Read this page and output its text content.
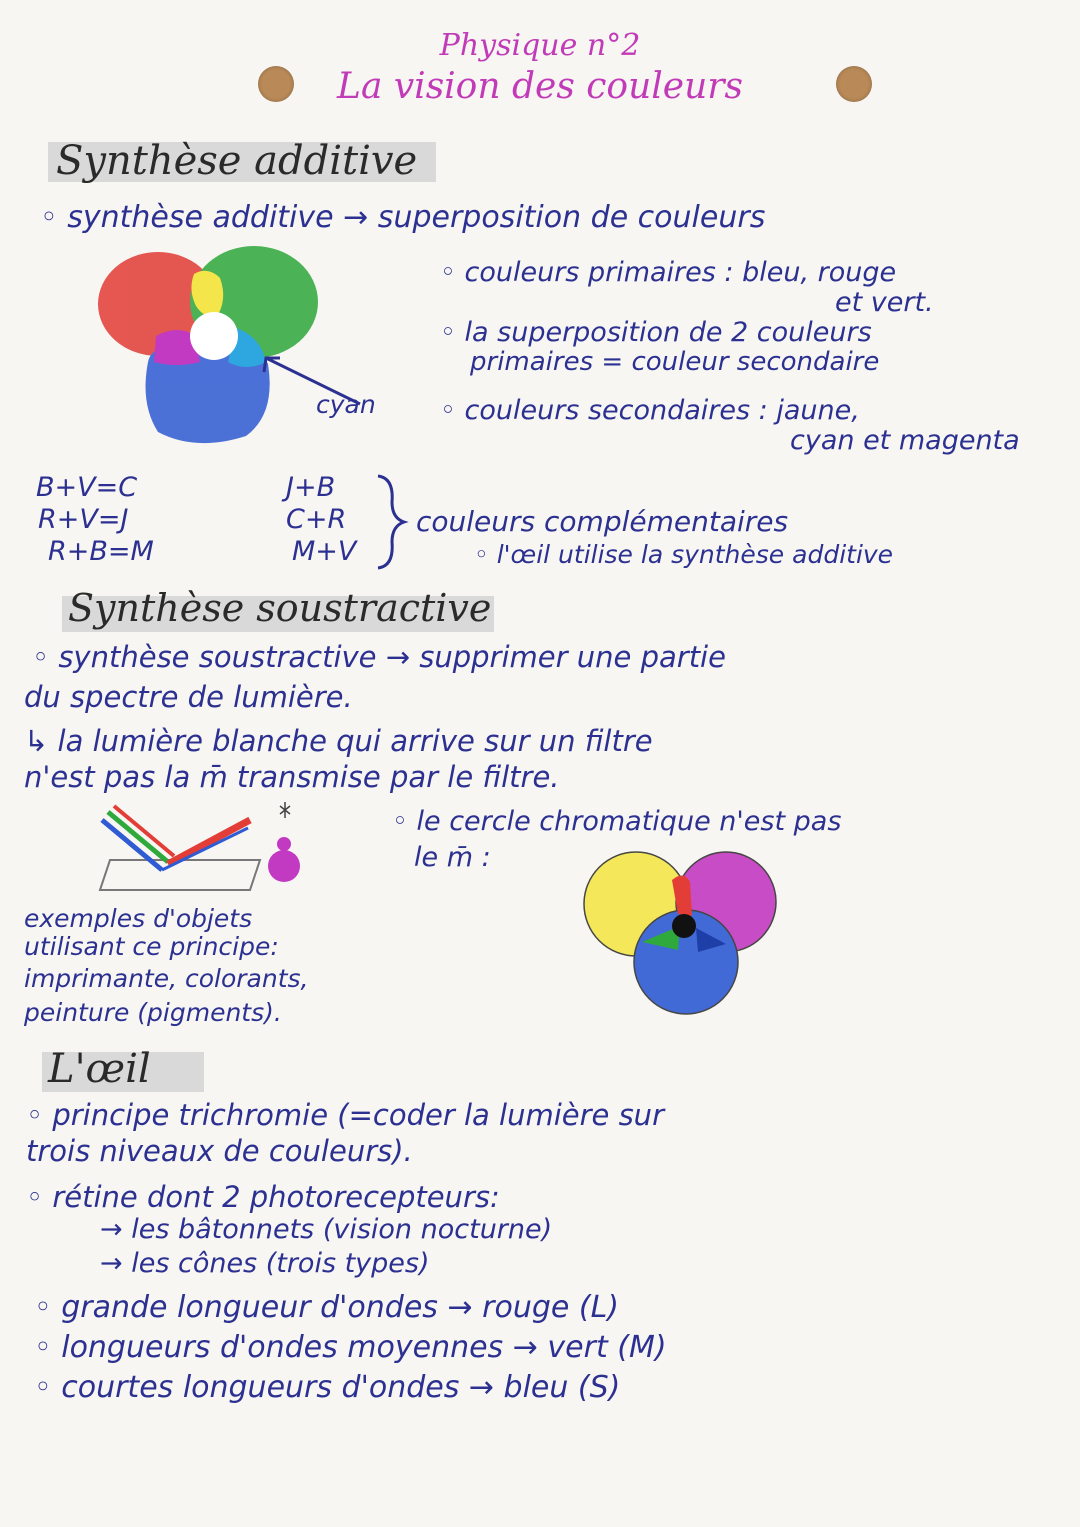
Physique n°2
La vision des couleurs
Synthèse additive
◦ synthèse additive → superposition de couleurs
cyan
◦ couleurs primaires : bleu, rouge
et vert.
◦ la superposition de 2 couleurs
primaires = couleur secondaire
◦ couleurs secondaires : jaune,
cyan et magenta
B+V=C
R+V=J
R+B=M
J+B
C+R
M+V
couleurs complémentaires
◦ l'œil utilise la synthèse additive
Synthèse soustractive
◦ synthèse soustractive → supprimer une partie
du spectre de lumière.
↳ la lumière blanche qui arrive sur un filtre
n'est pas la m̄ transmise par le filtre.
◦ le cercle chromatique n'est pas
le m̄ :
exemples d'objets
utilisant ce principe:
imprimante, colorants,
peinture (pigments).
L'œil
◦ principe trichromie (=coder la lumière sur
trois niveaux de couleurs).
◦ rétine dont 2 photorecepteurs:
→ les bâtonnets (vision nocturne)
→ les cônes (trois types)
◦ grande longueur d'ondes → rouge (L)
◦ longueurs d'ondes moyennes → vert (M)
◦ courtes longueurs d'ondes → bleu (S)
